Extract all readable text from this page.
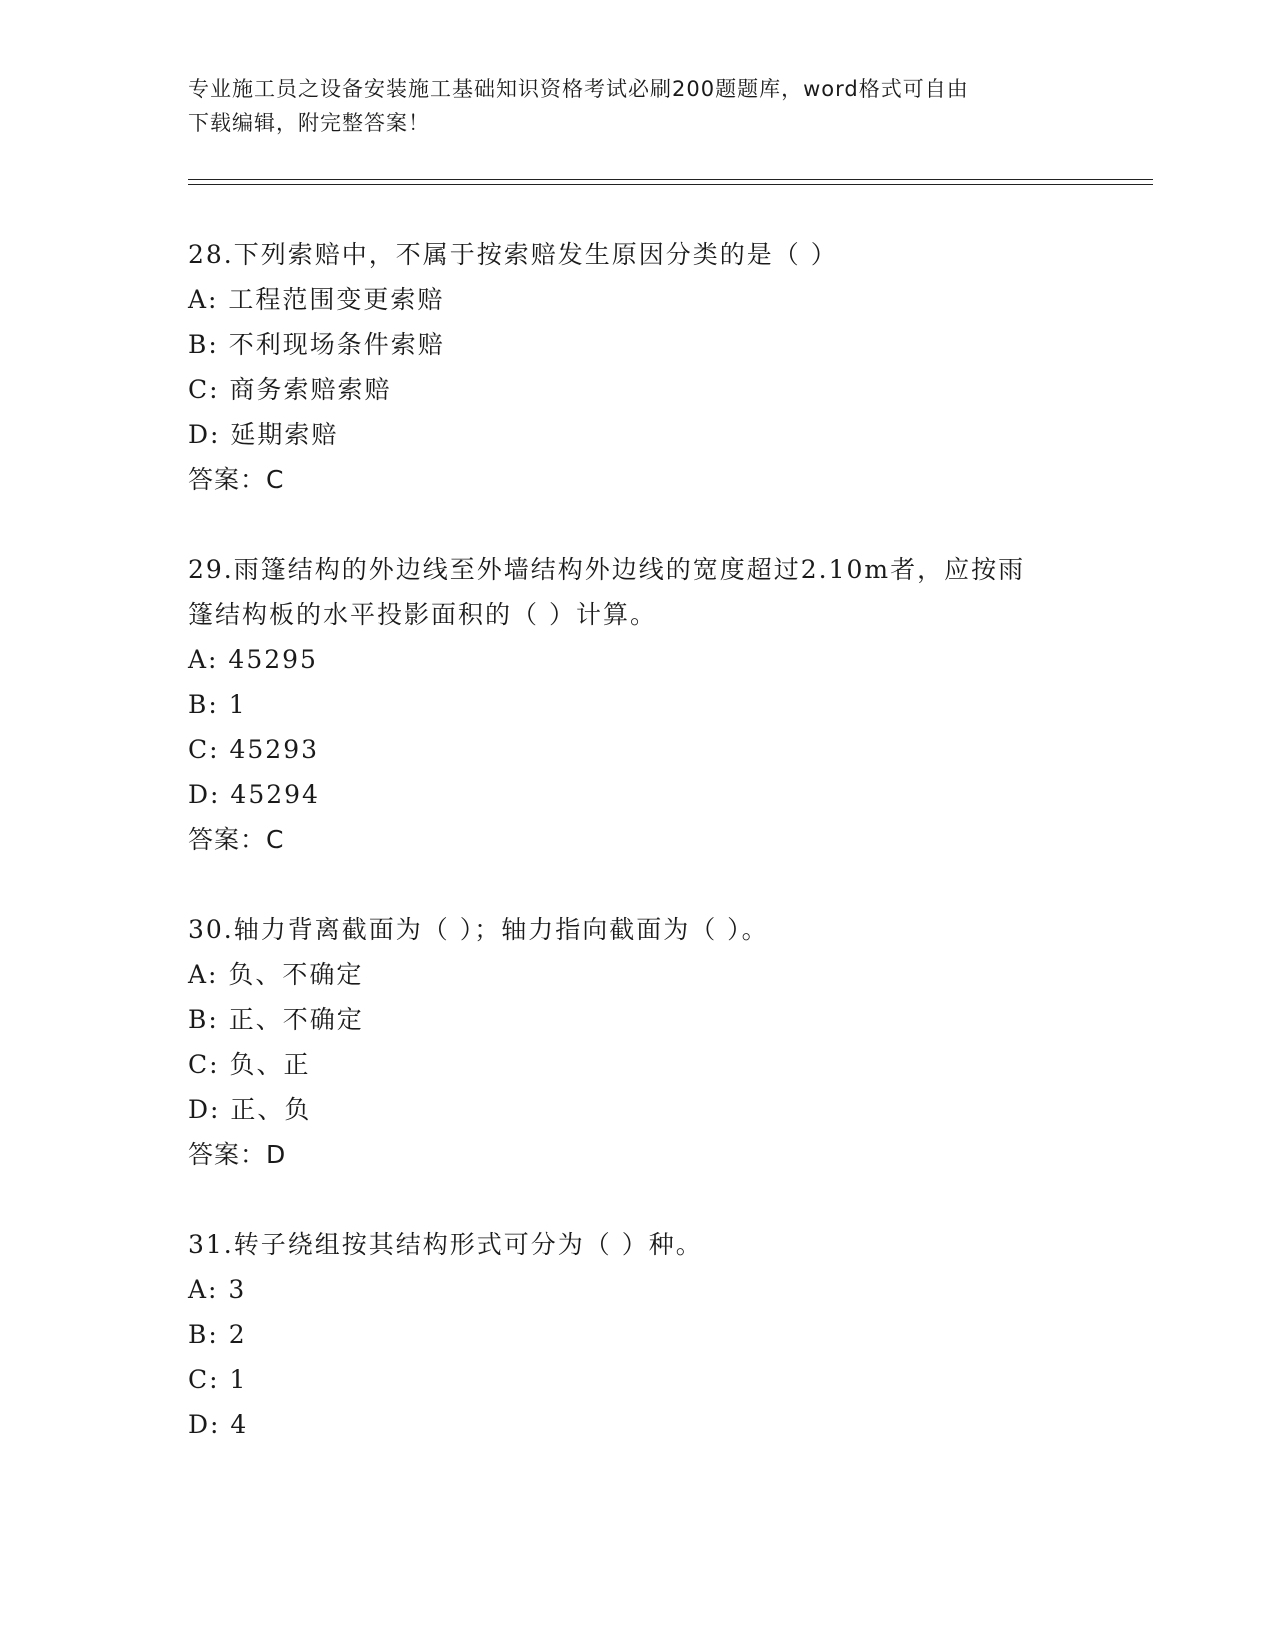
专业施工员之设备安装施工基础知识资格考试必刷200题题库，word格式可自由
下载编辑，附完整答案！
28.下列索赔中，不属于按索赔发生原因分类的是（ ）
A: 工程范围变更索赔
B: 不利现场条件索赔
C: 商务索赔索赔
D: 延期索赔
答案：C
29.雨篷结构的外边线至外墙结构外边线的宽度超过2.10m者，应按雨
篷结构板的水平投影面积的（ ）计算。
A: 45295
B: 1
C: 45293
D: 45294
答案：C
30.轴力背离截面为（ ）；轴力指向截面为（ ）。
A: 负、不确定
B: 正、不确定
C: 负、正
D: 正、负
答案：D
31.转子绕组按其结构形式可分为（ ）种。
A: 3
B: 2
C: 1
D: 4
